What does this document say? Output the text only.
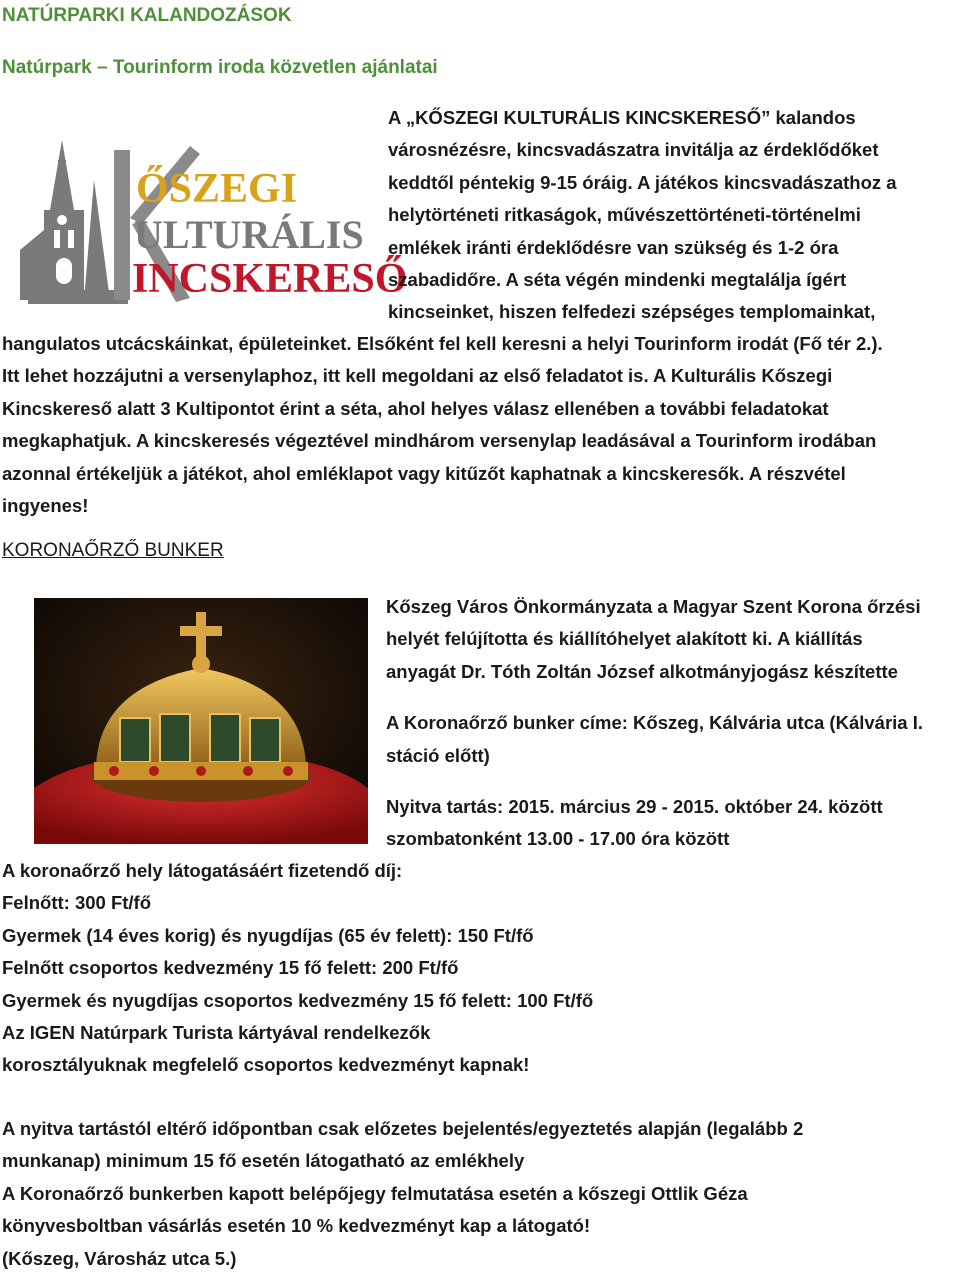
NATÚRPARKI KALANDOZÁSOK
Natúrpark – Tourinform iroda közvetlen ajánlatai
ŐSZEGI
ULTURÁLIS
INCSKERESŐ

A „KŐSZEGI KULTURÁLIS KINCSKERESŐ” kalandos

városnézésre, kincsvadászatra invitálja az érdeklődőket

keddtől péntekig 9-15 óráig. A játékos kincsvadászathoz a

helytörténeti ritkaságok, művészettörténeti-történelmi

emlékek iránti érdeklődésre van szükség és 1-2 óra

szabadidőre. A séta végén mindenki megtalálja ígért

kincseinket, hiszen felfedezi szépséges templomainkat,

hangulatos utcácskáinkat, épületeinket. Elsőként fel kell keresni a helyi Tourinform irodát (Fő tér 2.).
Itt lehet hozzájutni a versenylaphoz, itt kell megoldani az első feladatot is. A Kulturális Kőszegi
Kincskereső alatt 3 Kultipontot érint a séta, ahol helyes válasz ellenében a további feladatokat
megkaphatjuk. A kincskeresés végeztével mindhárom versenylap leadásával a Tourinform irodában
azonnal értékeljük a játékot, ahol emléklapot vagy kitűzőt kaphatnak a kincskeresők. A részvétel
ingyenes!
KORONAŐRZŐ BUNKER

Kőszeg Város Önkormányzata a Magyar Szent Korona őrzési

helyét felújította és kiállítóhelyet alakított ki. A kiállítás

anyagát Dr. Tóth Zoltán József alkotmányjogász készítette

A Koronaőrző bunker címe: Kőszeg, Kálvária utca (Kálvária I.

stáció előtt)

Nyitva tartás: 2015. március 29 - 2015. október 24. között

szombatonként 13.00 - 17.00 óra között

A koronaőrző hely látogatásáért fizetendő díj:
Felnőtt: 300 Ft/fő
Gyermek (14 éves korig) és nyugdíjas (65 év felett): 150 Ft/fő
Felnőtt csoportos kedvezmény 15 fő felett: 200 Ft/fő
Gyermek és nyugdíjas csoportos kedvezmény 15 fő felett: 100 Ft/fő
Az IGEN Natúrpark Turista kártyával rendelkezők
korosztályuknak megfelelő csoportos kedvezményt kapnak!
A nyitva tartástól eltérő időpontban csak előzetes bejelentés/egyeztetés alapján (legalább 2
munkanap) minimum 15 fő esetén látogatható az emlékhely
A Koronaőrző bunkerben kapott belépőjegy felmutatása esetén a kőszegi Ottlik Géza
könyvesboltban vásárlás esetén 10 % kedvezményt kap a látogató!
(Kőszeg, Városház utca 5.)
